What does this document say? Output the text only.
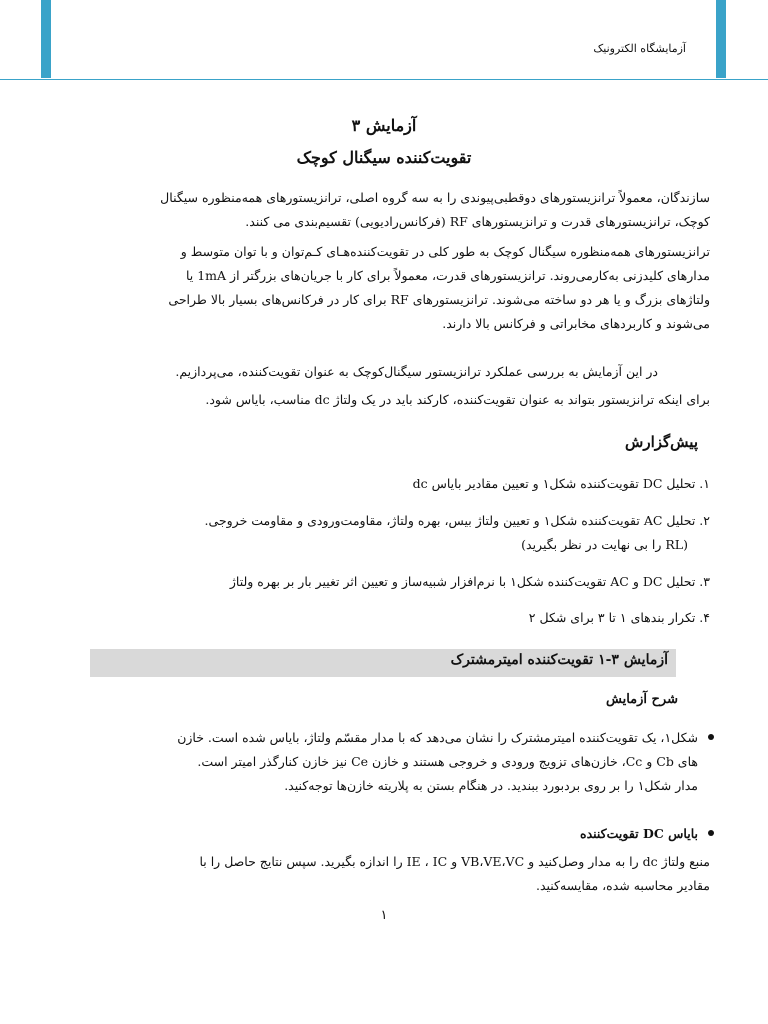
آزمایشگاه الکترونیک
آزمایش ۳
تقویت‌کننده سیگنال کوچک
سازندگان، معمولاً ترانزیستورهای دوقطبی‌پیوندی را به سه گروه اصلی، ترانزیستورهای همه‌منظوره سیگنال
کوچک، ترانزیستورهای قدرت و ترانزیستورهای RF (فرکانس‌رادیویی) تقسیم‌بندی می کنند.
ترانزیستورهای همه‌منظوره سیگنال کوچک به طور کلی در تقویت‌کننده‌هـای کـم‌توان و با توان متوسط و
مدارهای کلیدزنی به‌کارمی‌روند. ترانزیستورهای قدرت، معمولاً برای کار با جریان‌های بزرگتر از 1mA یا
ولتاژهای بزرگ و یا هر دو ساخته می‌شوند. ترانزیستورهای RF برای کار در فرکانس‌های بسیار بالا طراحی
می‌شوند و کاربردهای مخابراتی و فرکانس بالا دارند.
در این آزمایش به بررسی عملکرد ترانزیستور سیگنال‌کوچک به عنوان تقویت‌کننده، می‌پردازیم.
برای اینکه ترانزیستور بتواند به عنوان تقویت‌کننده، کارکند باید در یک ولتاژ dc مناسب، بایاس شود.
پیش‌گزارش
۱. تحلیل DC تقویت‌کننده شکل۱ و تعیین مقادیر بایاس dc
۲. تحلیل AC تقویت‌کننده شکل۱ و تعیین ولتاژ بیس، بهره ولتاژ، مقاومت‌ورودی و مقاومت خروجی.
(RL را بی نهایت در نظر بگیرید)
۳. تحلیل DC و AC تقویت‌کننده شکل۱ با نرم‌افزار شبیه‌ساز و تعیین اثر تغییر بار بر بهره ولتاژ
۴. تکرار بندهای ۱ تا ۳ برای شکل ۲
آزمایش ۳-۱ تقویت‌کننده امیترمشترک
شرح آزمایش
شکل۱، یک تقویت‌کننده امیترمشترک را نشان می‌دهد که با مدار مقسّم ولتاژ، بایاس شده است. خازن
های Cb و Cc، خازن‌های تزویج ورودی و خروجی هستند و خازن Ce نیز خازن کنارگذر امیتر است.
مدار شکل۱ را بر روی بردبورد ببندید. در هنگام بستن به پلاریته خازن‌ها توجه‌کنید.
بایاس DC تقویت‌کننده
منبع ولتاژ dc را به مدار وصل‌کنید و VB،VE،VC و IE ، IC را اندازه بگیرید. سپس نتایج حاصل را با
مقادیر محاسبه شده، مقایسه‌کنید.
۱
